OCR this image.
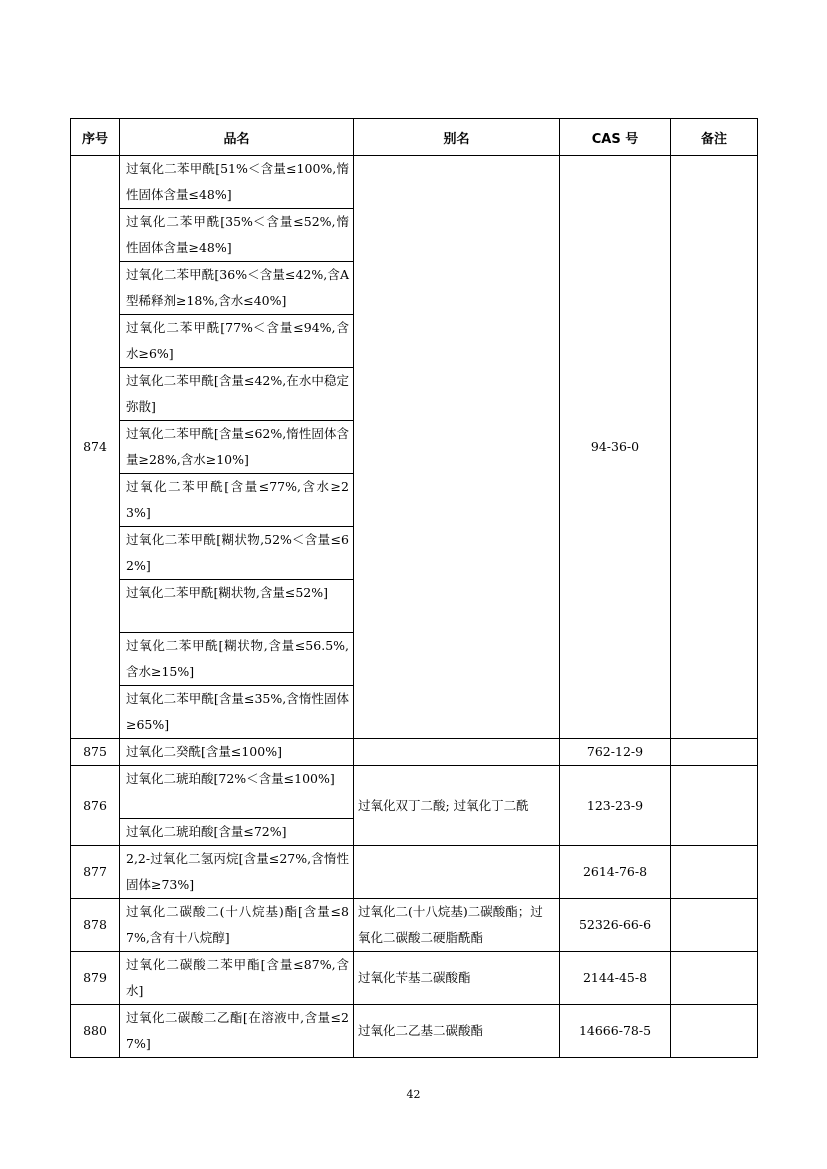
序号	品名	别名	CAS 号	备注
874	过氧化二苯甲酰[51%＜含量≤100%,惰性固体含量≤48%]		94-36-0	
	过氧化二苯甲酰[35%＜含量≤52%,惰性固体含量≥48%]			
	过氧化二苯甲酰[36%＜含量≤42%,含A型稀释剂≥18%,含水≤40%]			
	过氧化二苯甲酰[77%＜含量≤94%,含水≥6%]			
	过氧化二苯甲酰[含量≤42%,在水中稳定弥散]			
	过氧化二苯甲酰[含量≤62%,惰性固体含量≥28%,含水≥10%]			
	过氧化二苯甲酰[含量≤77%,含水≥23%]			
	过氧化二苯甲酰[糊状物,52%＜含量≤62%]			
	过氧化二苯甲酰[糊状物,含量≤52%]			
	过氧化二苯甲酰[糊状物,含量≤56.5%,含水≥15%]			
	过氧化二苯甲酰[含量≤35%,含惰性固体≥65%]			
875	过氧化二癸酰[含量≤100%]		762-12-9	
876	过氧化二琥珀酸[72%＜含量≤100%]	过氧化双丁二酸; 过氧化丁二酰	123-23-9	
	过氧化二琥珀酸[含量≤72%]			
877	2,2-过氧化二氢丙烷[含量≤27%,含惰性固体≥73%]		2614-76-8	
878	过氧化二碳酸二(十八烷基)酯[含量≤87%,含有十八烷醇]	过氧化二(十八烷基)二碳酸酯；过氧化二碳酸二硬脂酰酯	52326-66-6	
879	过氧化二碳酸二苯甲酯[含量≤87%,含水]	过氧化苄基二碳酸酯	2144-45-8	
880	过氧化二碳酸二乙酯[在溶液中,含量≤27%]	过氧化二乙基二碳酸酯	14666-78-5	
42
